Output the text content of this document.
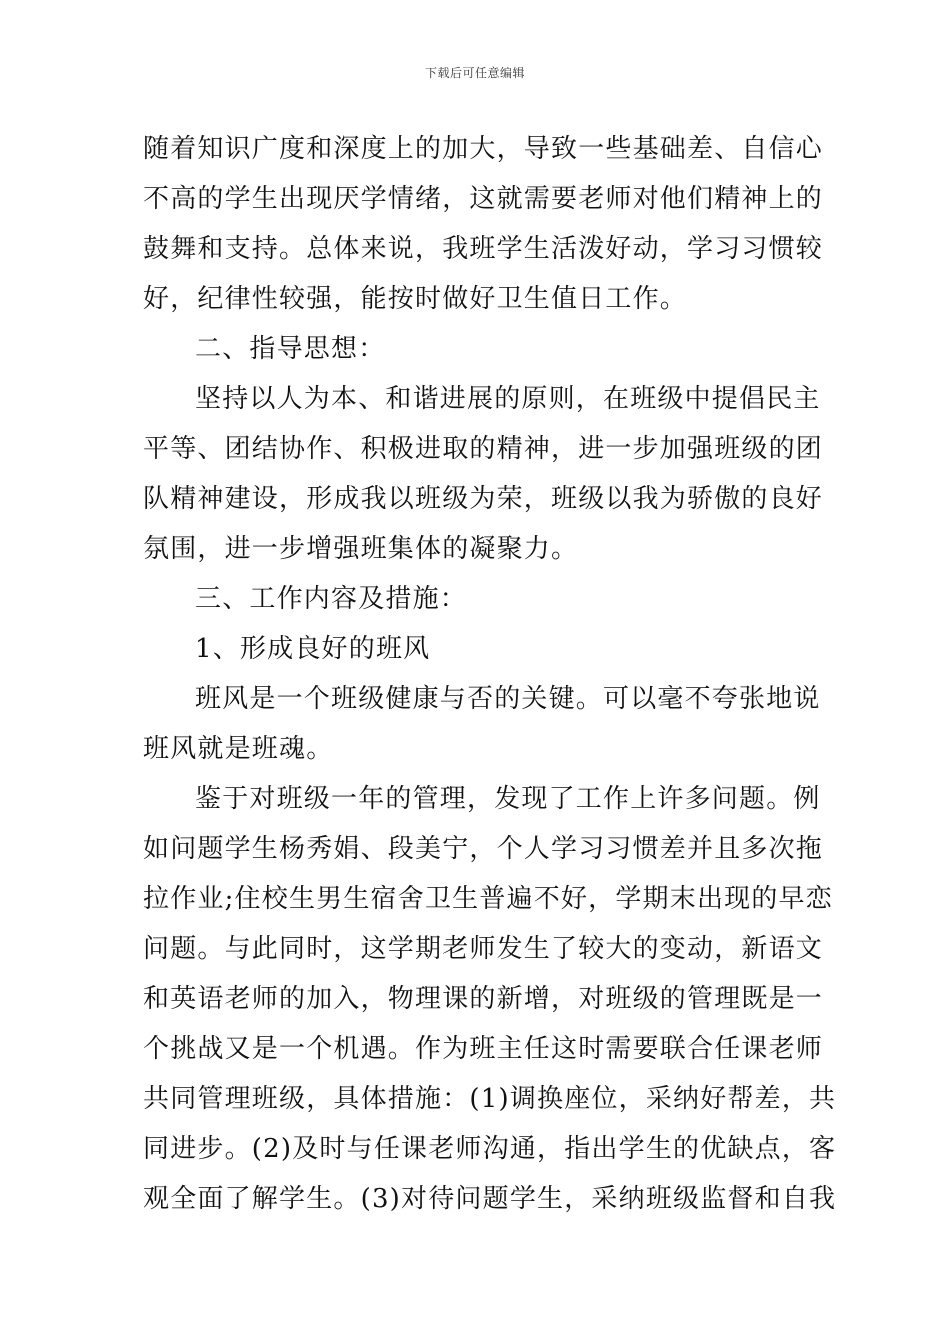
下载后可任意编辑
随着知识广度和深度上的加大，导致一些基础差、自信心
不高的学生出现厌学情绪，这就需要老师对他们精神上的
鼓舞和支持。总体来说，我班学生活泼好动，学习习惯较
好，纪律性较强，能按时做好卫生值日工作。
二、指导思想：
坚持以人为本、和谐进展的原则，在班级中提倡民主
平等、团结协作、积极进取的精神，进一步加强班级的团
队精神建设，形成我以班级为荣，班级以我为骄傲的良好
氛围，进一步增强班集体的凝聚力。
三、工作内容及措施：
1、形成良好的班风
班风是一个班级健康与否的关键。可以毫不夸张地说
班风就是班魂。
鉴于对班级一年的管理，发现了工作上许多问题。例
如问题学生杨秀娟、段美宁，个人学习习惯差并且多次拖
拉作业;住校生男生宿舍卫生普遍不好，学期末出现的早恋
问题。与此同时，这学期老师发生了较大的变动，新语文
和英语老师的加入，物理课的新增，对班级的管理既是一
个挑战又是一个机遇。作为班主任这时需要联合任课老师
共同管理班级，具体措施：(1)调换座位，采纳好帮差，共
同进步。(2)及时与任课老师沟通，指出学生的优缺点，客
观全面了解学生。(3)对待问题学生，采纳班级监督和自我
